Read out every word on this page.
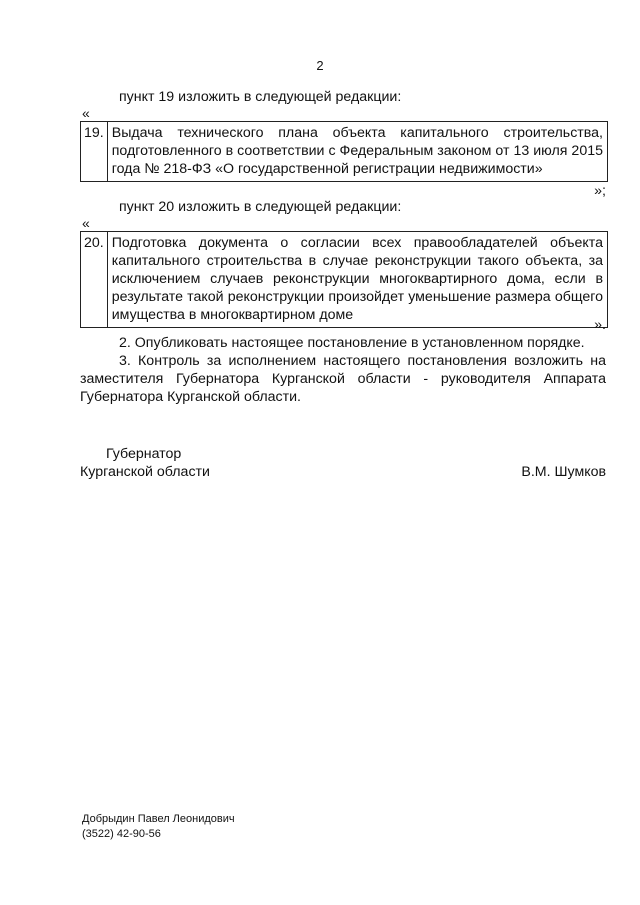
2
пункт 19 изложить в следующей редакции:
«
19.	Выдача технического плана объекта капитального строительства, подготовленного в соответствии с Федеральным законом от 13 июля 2015 года № 218-ФЗ «О государственной регистрации недвижимости»
»;
пункт 20 изложить в следующей редакции:
«
20.	Подготовка документа о согласии всех правообладателей объекта капитального строительства в случае реконструкции такого объекта, за исключением случаев реконструкции многоквартирного дома, если в результате такой реконструкции произойдет уменьшение размера общего имущества в многоквартирном доме
».
2. Опубликовать настоящее постановление в установленном порядке.
3. Контроль за исполнением настоящего постановления возложить на заместителя Губернатора Курганской области - руководителя Аппарата Губернатора Курганской области.
Губернатор
Курганской области	В.М. Шумков
Добрыдин Павел Леонидович
(3522) 42-90-56
